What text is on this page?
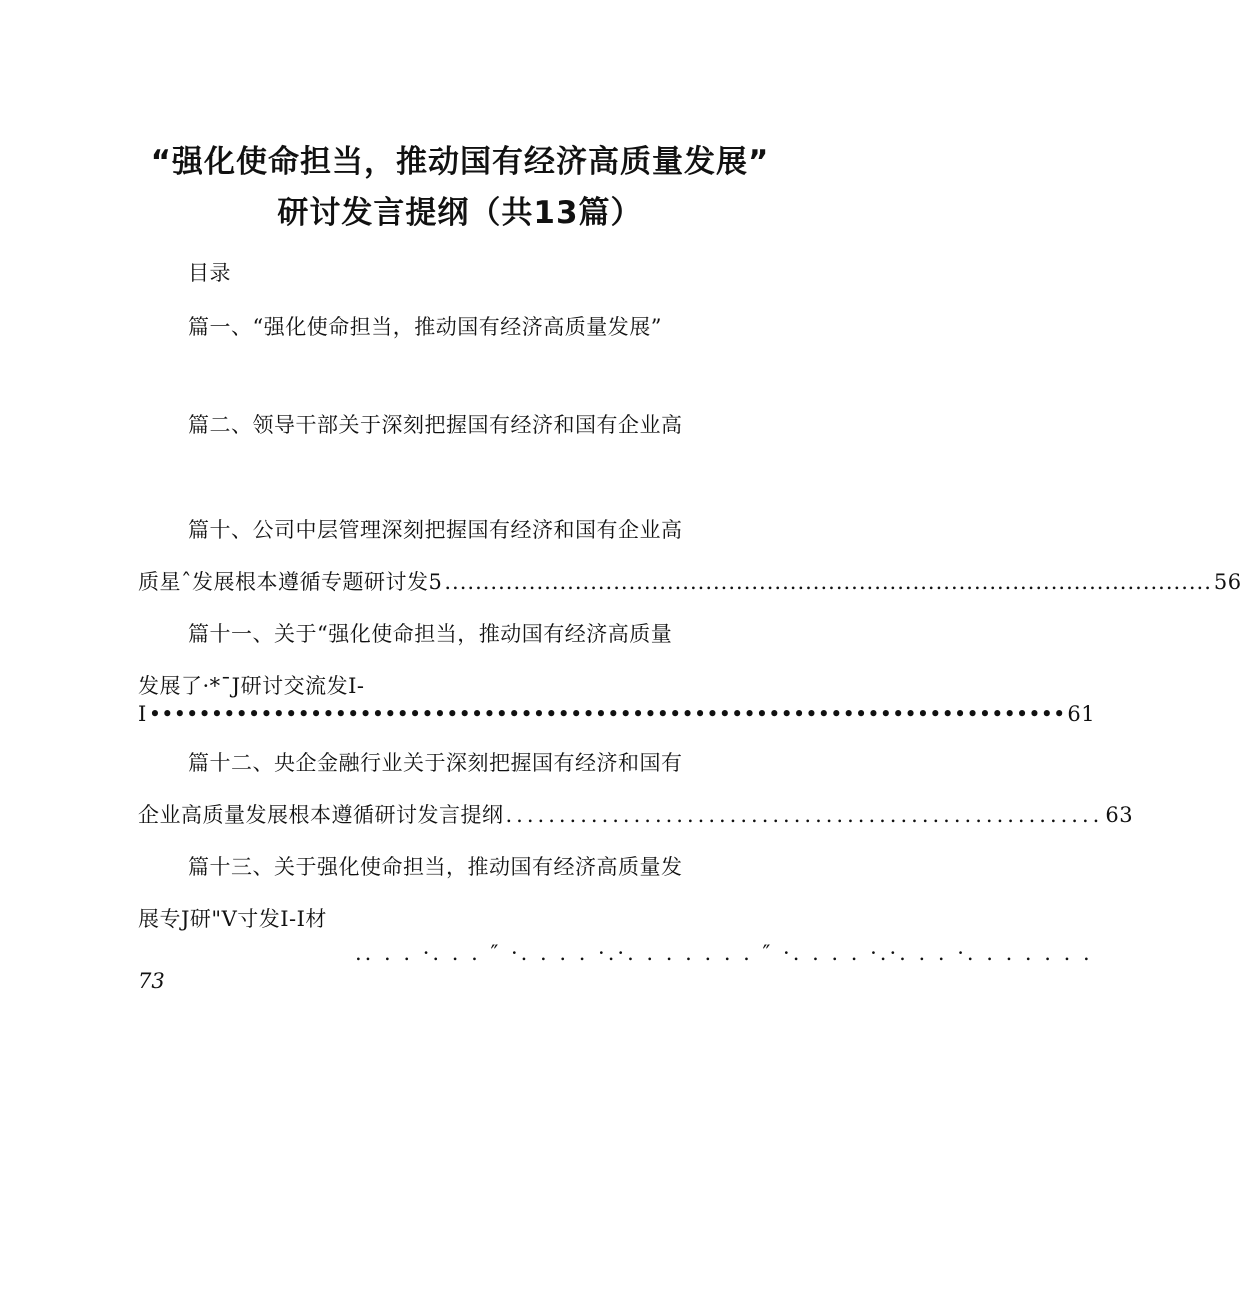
“强化使命担当，推动国有经济高质量发展”
研讨发言提纲（共13篇）
目录
篇一、“强化使命担当，推动国有经济高质量发展”
篇二、领导干部关于深刻把握国有经济和国有企业高
篇十、公司中层管理深刻把握国有经济和国有企业高
质星ˆ发展根本遵循专题研讨发5 .................................................................................................... 56
篇十一、关于“强化使命担当，推动国有经济高质量
发展了·*ˉJ研讨交流发I-
I •••••••••••••••••••••••••••••••••••••••••••••••••••••••••••••••••••••••••• 61
篇十二、央企金融行业关于深刻把握国有经济和国有
企业高质量发展根本遵循研讨发言提纲 ........................................................ 63
篇十三、关于强化使命担当，推动国有经济高质量发
展专J研"V寸发I-I材
.. . . ·. . . ″ ·. . . . ·.·. . . . . . . ″ ·. . . . ·.·. . . ·. . . . . . .
73
